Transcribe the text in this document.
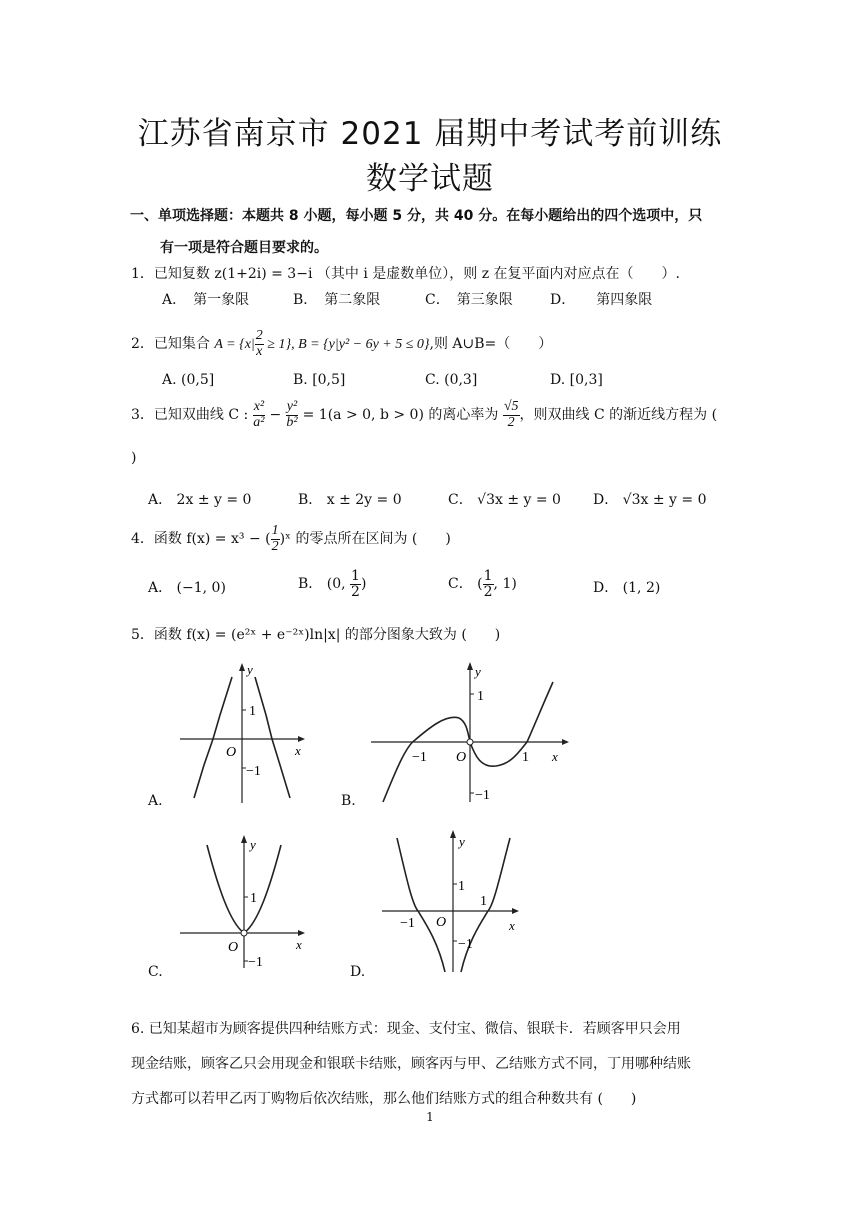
江苏省南京市 2021 届期中考试考前训练
数学试题
一、单项选择题：本题共 8 小题，每小题 5 分，共 40 分。在每小题给出的四个选项中，只
有一项是符合题目要求的。
1．已知复数 z(1+2i) = 3−i （其中 i 是虚数单位），则 z 在复平面内对应点在（　　）.
A．　第一象限	B．　第二象限	C．　第三象限	D．　　第四象限
2．已知集合 $A = \{x| \frac{2}{x} \ge 1\}$, B = {y|y² − 6y + 5 ≤ 0},则 A∪B=（　　）
A. (0,5]	B. [0,5]	C. (0,3]	D. [0,3]
3．已知双曲线 C : $\frac{\text{x²}}{\text{a²}} - \frac{\text{y²}}{\text{b²}} = 1(a > 0$, b > 0) 的离心率为 $\frac{√5}{2}$ ，则双曲线 C 的渐近线方程为 (
)
A． 2x ± y = 0	B． x ± 2y = 0	C． √3x ± y = 0 D． √3x ± y = 0
4．函数 f(x) = x³ − ( $\frac{1}{2}$ )ˣ 的零点所在区间为 (　　)
A． (−1, 0)	B． (0, $\frac{1}{2}$ )	C． ( $\frac{1}{2}$ , 1)	D． (1, 2)
5．函数 f(x) = (e²ˣ + e⁻²ˣ)ln|x| 的部分图象大致为 (　　)
1
O
−1
x
y
A.
1
O
−1
−1	1 x
y
B.
1
O
−1
x
y
C.
1
O
−1
−1
1
x
y
D.
6. 已知某超市为顾客提供四种结账方式：现金、支付宝、微信、银联卡．若顾客甲只会用
现金结账，顾客乙只会用现金和银联卡结账，顾客丙与甲、乙结账方式不同，丁用哪种结账
方式都可以若甲乙丙丁购物后依次结账，那么他们结账方式的组合种数共有 (　　)
1
